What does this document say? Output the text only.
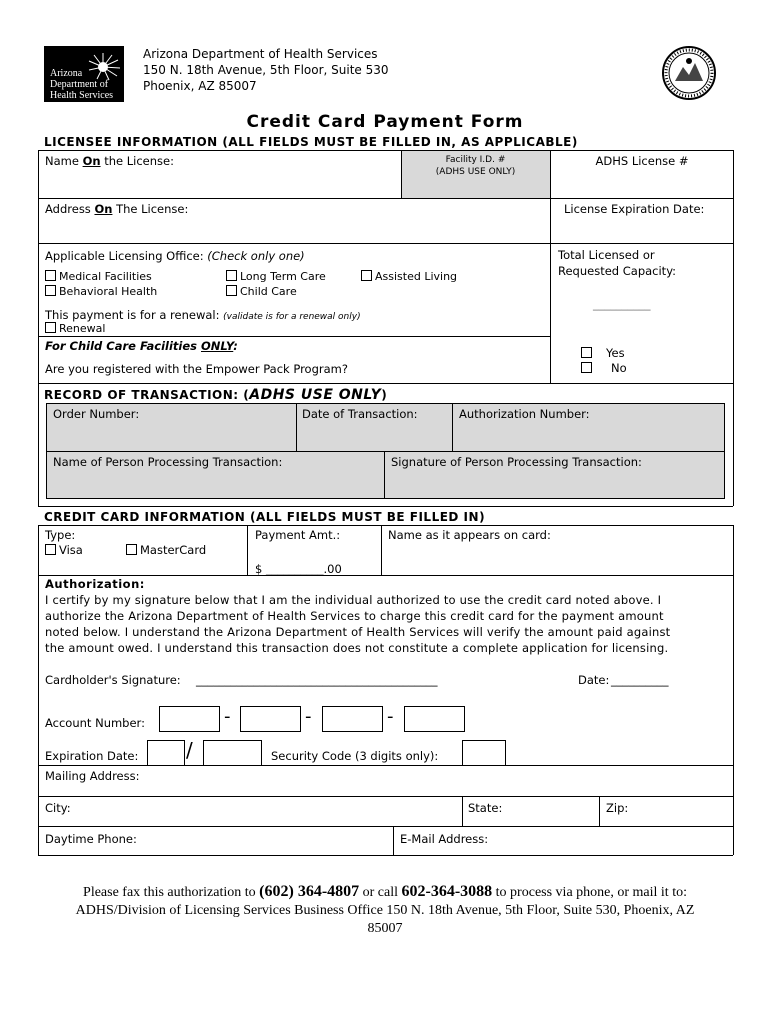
Arizona
Department of
Health Services
Arizona Department of Health Services
150 N. 18th Avenue, 5th Floor, Suite 530
Phoenix, AZ 85007
Credit Card Payment Form
LICENSEE INFORMATION (ALL FIELDS MUST BE FILLED IN, AS APPLICABLE)
Name On the License:	Facility I.D. #
(ADHS USE ONLY)
ADHS License #
Address On The License:	License Expiration Date:
Applicable Licensing Office: (Check only one)
Medical Facilities	Long Term Care	Assisted Living
Behavioral Health	Child Care
Total Licensed or
Requested Capacity:
__________
This payment is for a renewal: (validate is for a renewal only)
Renewal
For Child Care Facilities ONLY:
Are you registered with the Empower Pack Program?
Yes
No
RECORD OF TRANSACTION: (ADHS USE ONLY)
Order Number:	Date of Transaction:	Authorization Number:
Name of Person Processing Transaction:	Signature of Person Processing Transaction:
CREDIT CARD INFORMATION (ALL FIELDS MUST BE FILLED IN)
Type:
Visa	MasterCard
Payment Amt.:
$ __________.00
Name as it appears on card:
Authorization:
I certify by my signature below that I am the individual authorized to use the credit card noted above. I
authorize the Arizona Department of Health Services to charge this credit card for the payment amount
noted below. I understand the Arizona Department of Health Services will verify the amount paid against
the amount owed. I understand this transaction does not constitute a complete application for licensing.
Cardholder's Signature: __________________________________________	Date: __________
Account Number:	-	-	-
Expiration Date: /	Security Code (3 digits only):
Mailing Address:
City:	State:	Zip:
Daytime Phone:	E-Mail Address:
Please fax this authorization to (602) 364-4807 or call 602-364-3088 to process via phone, or mail it to:
ADHS/Division of Licensing Services Business Office 150 N. 18th Avenue, 5th Floor, Suite 530, Phoenix, AZ
85007
